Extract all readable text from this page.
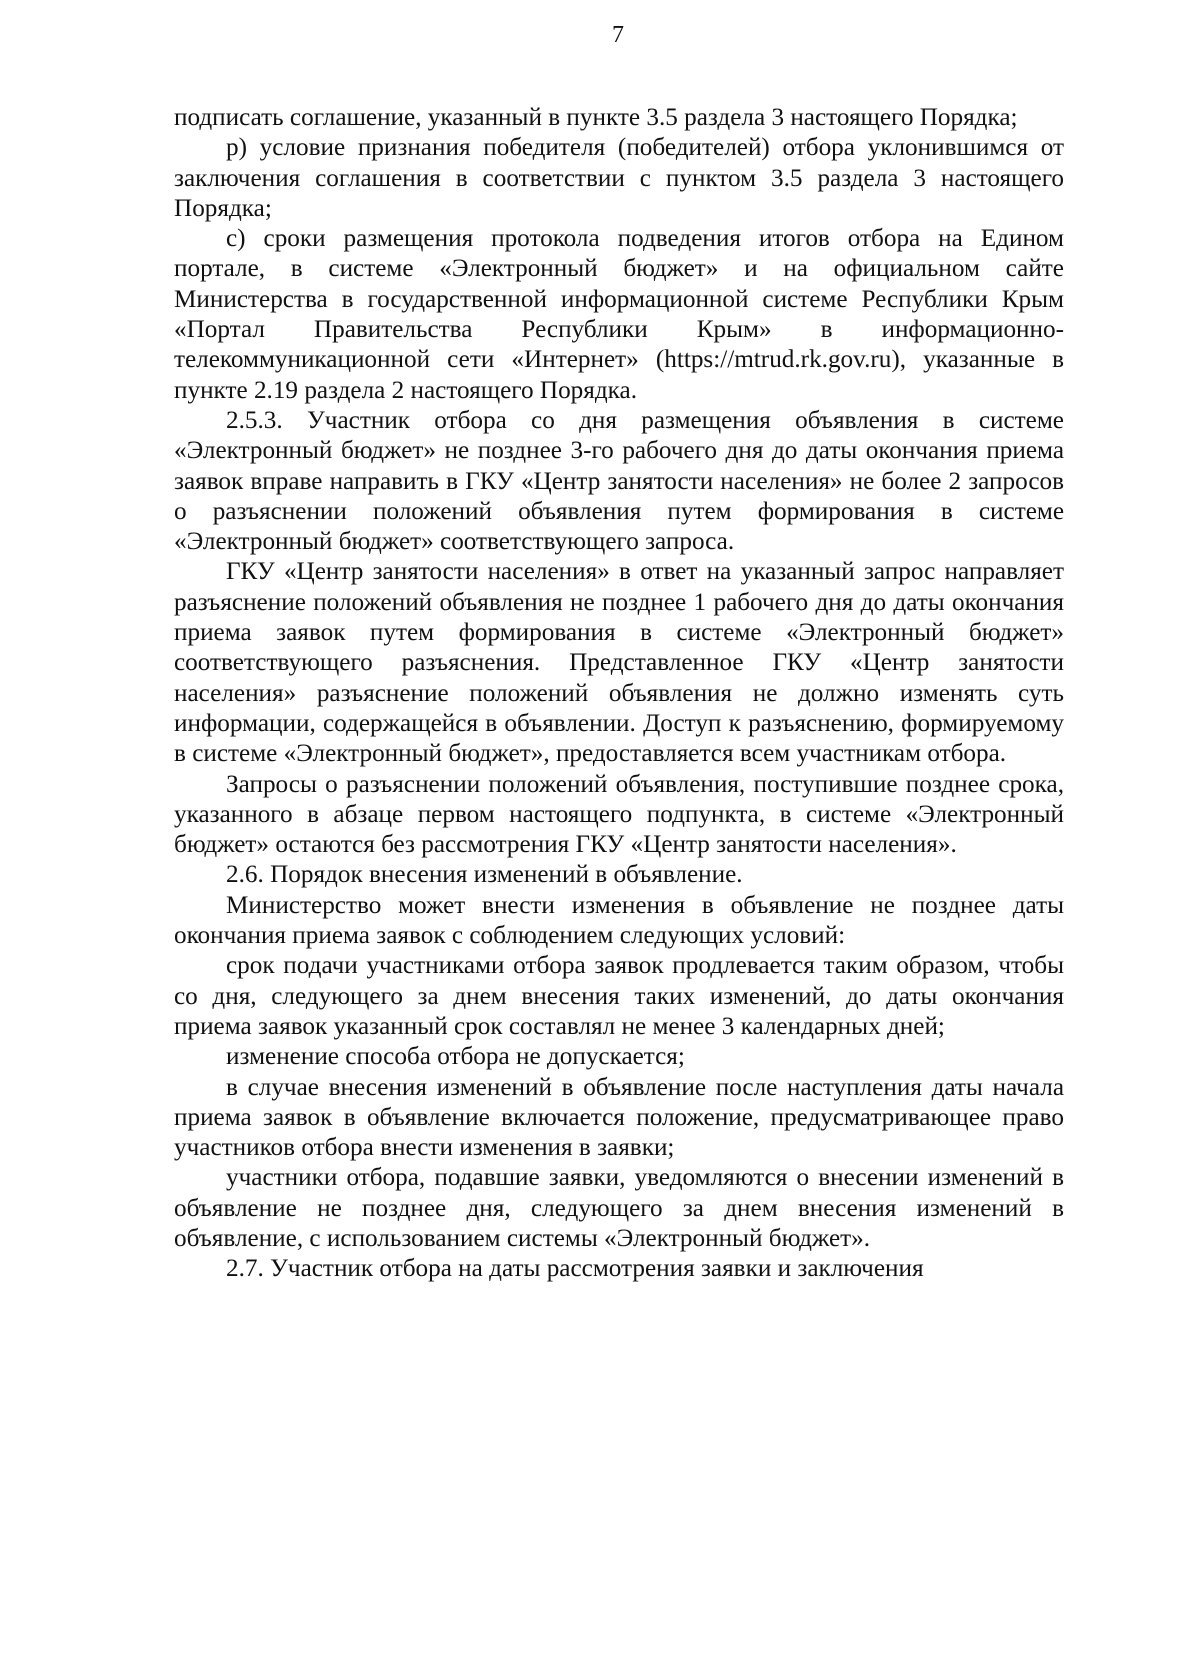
7

подписать соглашение, указанный в пункте 3.5 раздела 3 настоящего Порядка;

р) условие признания победителя (победителей) отбора уклонившимся от заключения соглашения в соответствии с пунктом 3.5 раздела 3 настоящего Порядка;

с) сроки размещения протокола подведения итогов отбора на Едином портале, в системе «Электронный бюджет» и на официальном сайте Министерства в государственной информационной системе Республики Крым «Портал Правительства Республики Крым» в информационно-телекоммуникационной сети «Интернет» (https://mtrud.rk.gov.ru), указанные в пункте 2.19 раздела 2 настоящего Порядка.

2.5.3. Участник отбора со дня размещения объявления в системе «Электронный бюджет» не позднее 3-го рабочего дня до даты окончания приема заявок вправе направить в ГКУ «Центр занятости населения» не более 2 запросов о разъяснении положений объявления путем формирования в системе «Электронный бюджет» соответствующего запроса.

ГКУ «Центр занятости населения» в ответ на указанный запрос направляет разъяснение положений объявления не позднее 1 рабочего дня до даты окончания приема заявок путем формирования в системе «Электронный бюджет» соответствующего разъяснения. Представленное ГКУ «Центр занятости населения» разъяснение положений объявления не должно изменять суть информации, содержащейся в объявлении. Доступ к разъяснению, формируемому в системе «Электронный бюджет», предоставляется всем участникам отбора.

Запросы о разъяснении положений объявления, поступившие позднее срока, указанного в абзаце первом настоящего подпункта, в системе «Электронный бюджет» остаются без рассмотрения ГКУ «Центр занятости населения».

2.6. Порядок внесения изменений в объявление.

Министерство может внести изменения в объявление не позднее даты окончания приема заявок с соблюдением следующих условий:

срок подачи участниками отбора заявок продлевается таким образом, чтобы со дня, следующего за днем внесения таких изменений, до даты окончания приема заявок указанный срок составлял не менее 3 календарных дней;

изменение способа отбора не допускается;

в случае внесения изменений в объявление после наступления даты начала приема заявок в объявление включается положение, предусматривающее право участников отбора внести изменения в заявки;

участники отбора, подавшие заявки, уведомляются о внесении изменений в объявление не позднее дня, следующего за днем внесения изменений в объявление, с использованием системы «Электронный бюджет».

2.7. Участник отбора на даты рассмотрения заявки и заключения
